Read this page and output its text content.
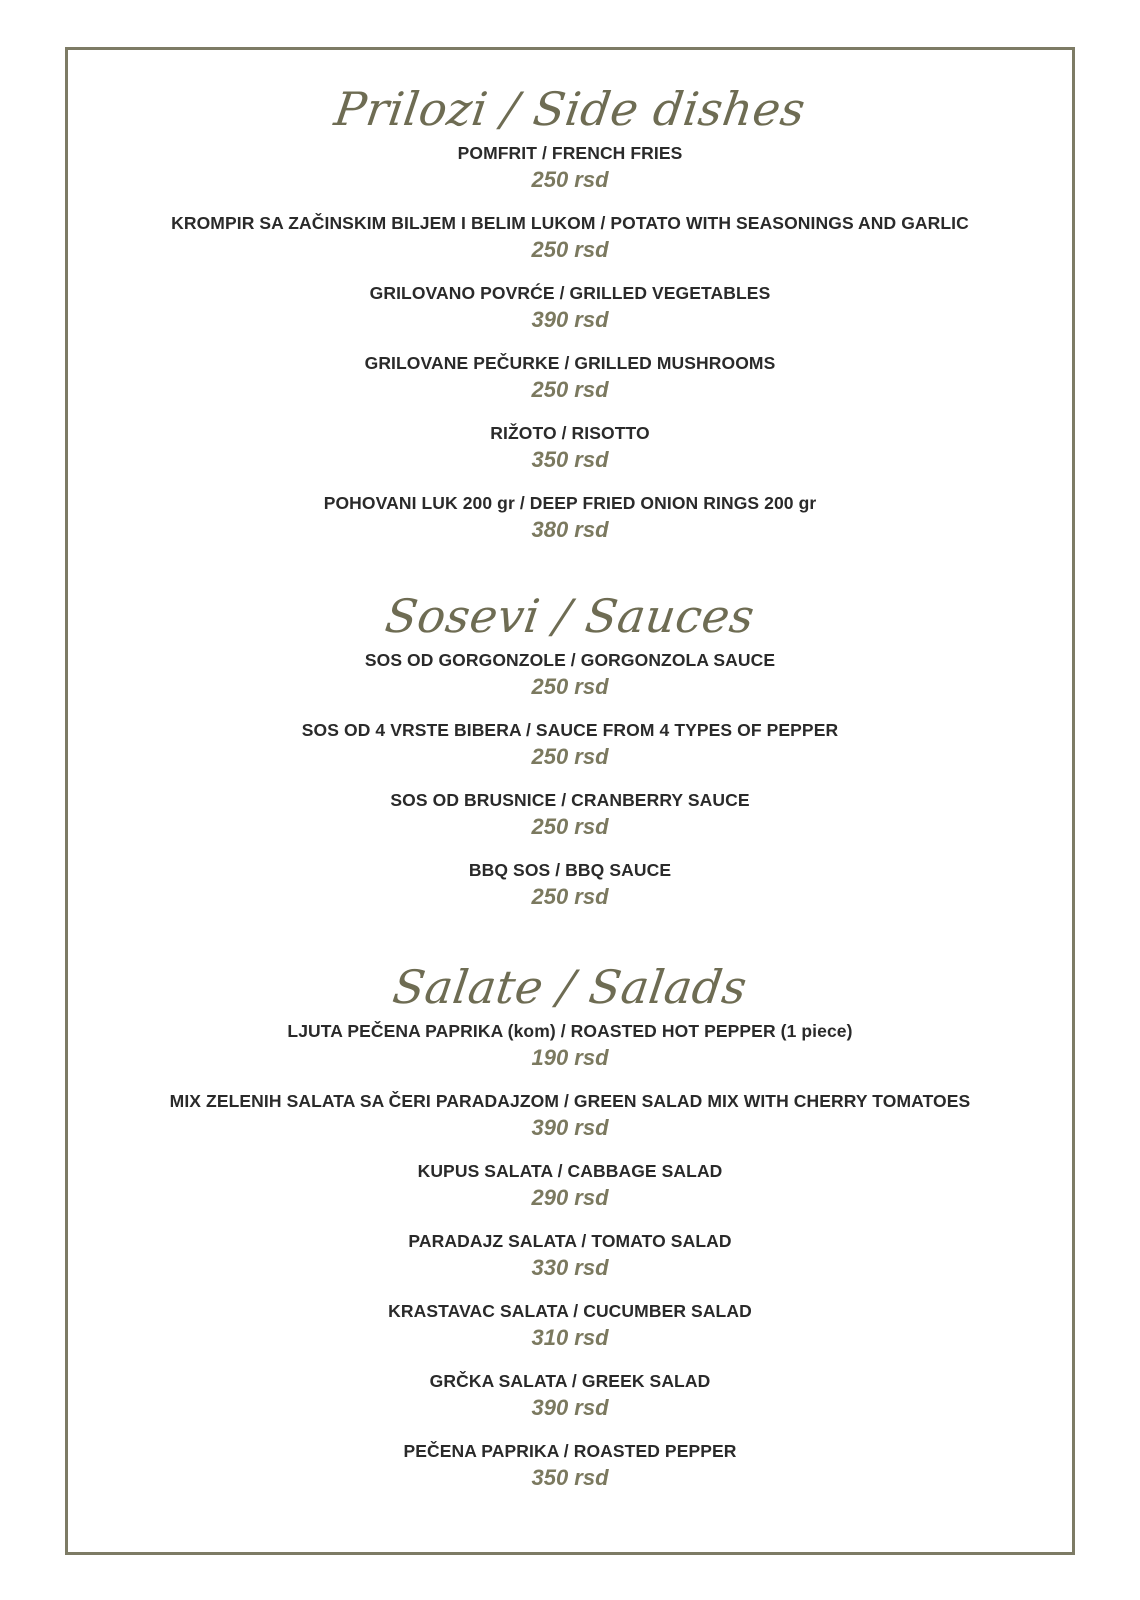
Prilozi / Side dishes
POMFRIT / FRENCH FRIES
250 rsd
KROMPIR SA ZAČINSKIM BILJEM I BELIM LUKOM / POTATO WITH SEASONINGS AND GARLIC
250 rsd
GRILOVANO POVRĆE / GRILLED VEGETABLES
390 rsd
GRILOVANE PEČURKE / GRILLED MUSHROOMS
250 rsd
RIŽOTO / RISOTTO
350 rsd
POHOVANI LUK 200 gr / DEEP FRIED ONION RINGS 200 gr
380 rsd
Sosevi / Sauces
SOS OD GORGONZOLE / GORGONZOLA SAUCE
250 rsd
SOS OD 4 VRSTE BIBERA / SAUCE FROM 4 TYPES OF PEPPER
250 rsd
SOS OD BRUSNICE / CRANBERRY SAUCE
250 rsd
BBQ SOS / BBQ SAUCE
250 rsd
Salate / Salads
LJUTA PEČENA PAPRIKA (kom) / ROASTED HOT PEPPER (1 piece)
190 rsd
MIX ZELENIH SALATA SA ČERI PARADAJZOM / GREEN SALAD MIX WITH CHERRY TOMATOES
390 rsd
KUPUS SALATA / CABBAGE SALAD
290 rsd
PARADAJZ SALATA / TOMATO SALAD
330 rsd
KRASTAVAC SALATA / CUCUMBER SALAD
310 rsd
GRČKA SALATA / GREEK SALAD
390 rsd
PEČENA PAPRIKA / ROASTED PEPPER
350 rsd
